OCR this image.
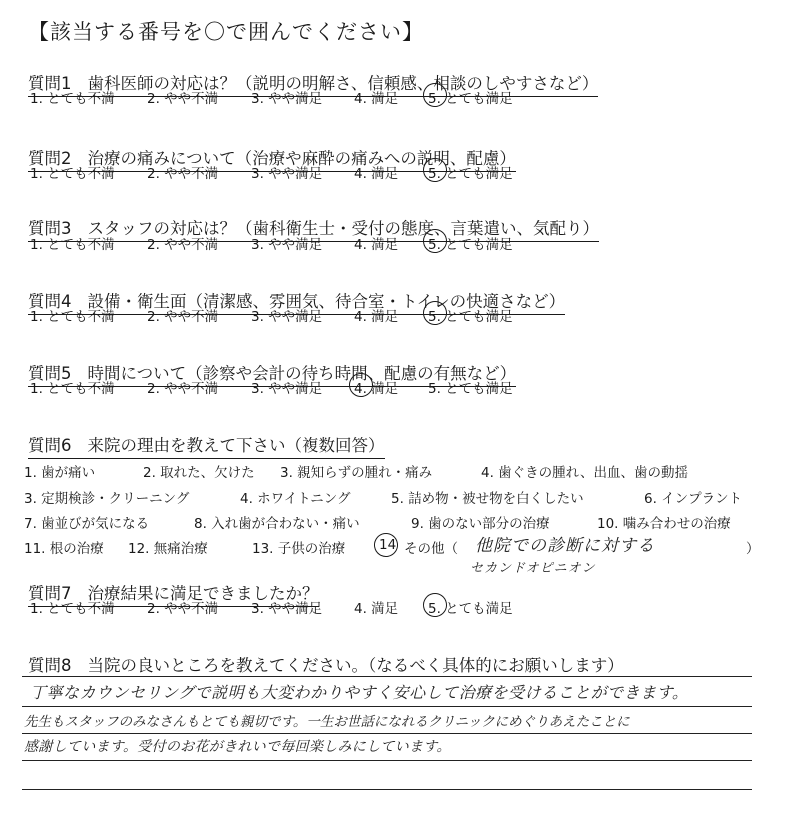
【該当する番号を〇で囲んでください】
質問1 歯科医師の対応は？（説明の明解さ、信頼感、相談のしやすさなど）
1. とても不満 2. やや不満 3. やや満足 4. 満足 5. とても満足
質問2 治療の痛みについて（治療や麻酔の痛みへの説明、配慮）
1. とても不満 2. やや不満 3. やや満足 4. 満足 5. とても満足
質問3 スタッフの対応は？（歯科衛生士・受付の態度、言葉遣い、気配り）
1. とても不満 2. やや不満 3. やや満足 4. 満足 5. とても満足
質問4 設備・衛生面（清潔感、雰囲気、待合室・トイレの快適さなど）
1. とても不満 2. やや不満 3. やや満足 4. 満足 5. とても満足
質問5 時間について（診察や会計の待ち時間、配慮の有無など）
1. とても不満 2. やや不満 3. やや満足 4. 満足 5. とても満足
質問6 来院の理由を教えて下さい（複数回答）
1. 歯が痛い	2. 取れた、欠けた 3. 親知らずの腫れ・痛み	4. 歯ぐきの腫れ、出血、歯の動揺
3. 定期検診・クリーニング	4. ホワイトニング	5. 詰め物・被せ物を白くしたい	6. インプラント
7. 歯並びが気になる	8. 入れ歯が合わない・痛い	9. 歯のない部分の治療	10. 噛み合わせの治療
11. 根の治療 12. 無痛治療	13. 子供の治療 14 その他（	）
他院での診断に対する
セカンドオピニオン
質問7 治療結果に満足できましたか？
1. とても不満 2. やや不満 3. やや満足 4. 満足 5. とても満足
質問8 当院の良いところを教えてください。（なるべく具体的にお願いします）
丁寧なカウンセリングで説明も大変わかりやすく安心して治療を受けることができます。
先生もスタッフのみなさんもとても親切です。一生お世話になれるクリニックにめぐりあえたことに
感謝しています。受付のお花がきれいで毎回楽しみにしています。
